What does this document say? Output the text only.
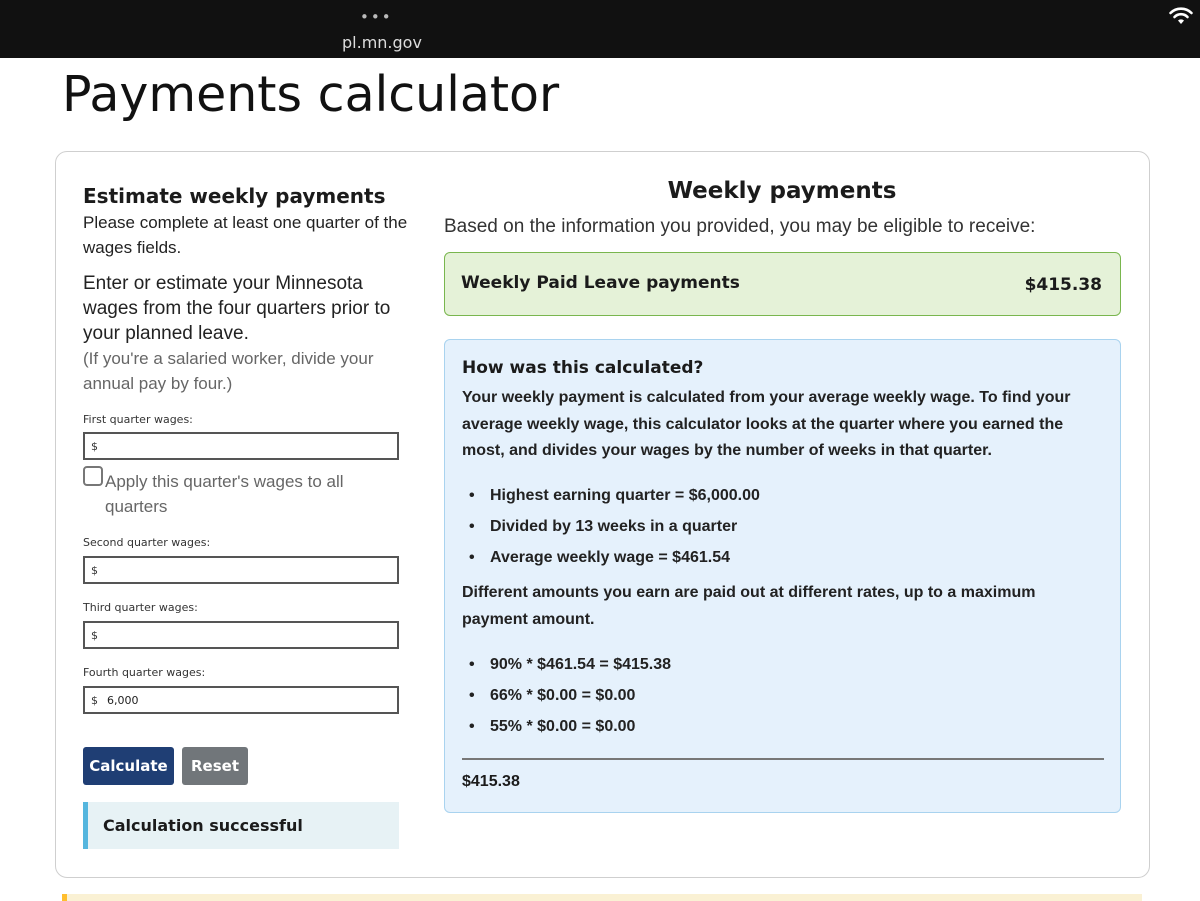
•••
pl.mn.gov
Payments calculator
Estimate weekly payments

Please complete at least one quarter of the wages fields.

Enter or estimate your Minnesota wages from the four quarters prior to your planned leave.

(If you're a salaried worker, divide your annual pay by four.)

First quarter wages:
$
Apply this quarter's wages to all quarters
Second quarter wages:
$
Third quarter wages:
$
Fourth quarter wages:
$
6,000
Calculate	Reset
Calculation successful
Weekly payments

Based on the information you provided, you may be eligible to receive:

Weekly Paid Leave payments	$415.38
How was this calculated?

Your weekly payment is calculated from your average weekly wage. To find your average weekly wage, this calculator looks at the quarter where you earned the most, and divides your wages by the number of weeks in that quarter.

• Highest earning quarter = $6,000.00
• Divided by 13 weeks in a quarter
• Average weekly wage = $461.54

Different amounts you earn are paid out at different rates, up to a maximum payment amount.

• 90% * $461.54 = $415.38
• 66% * $0.00 = $0.00
• 55% * $0.00 = $0.00
$415.38
